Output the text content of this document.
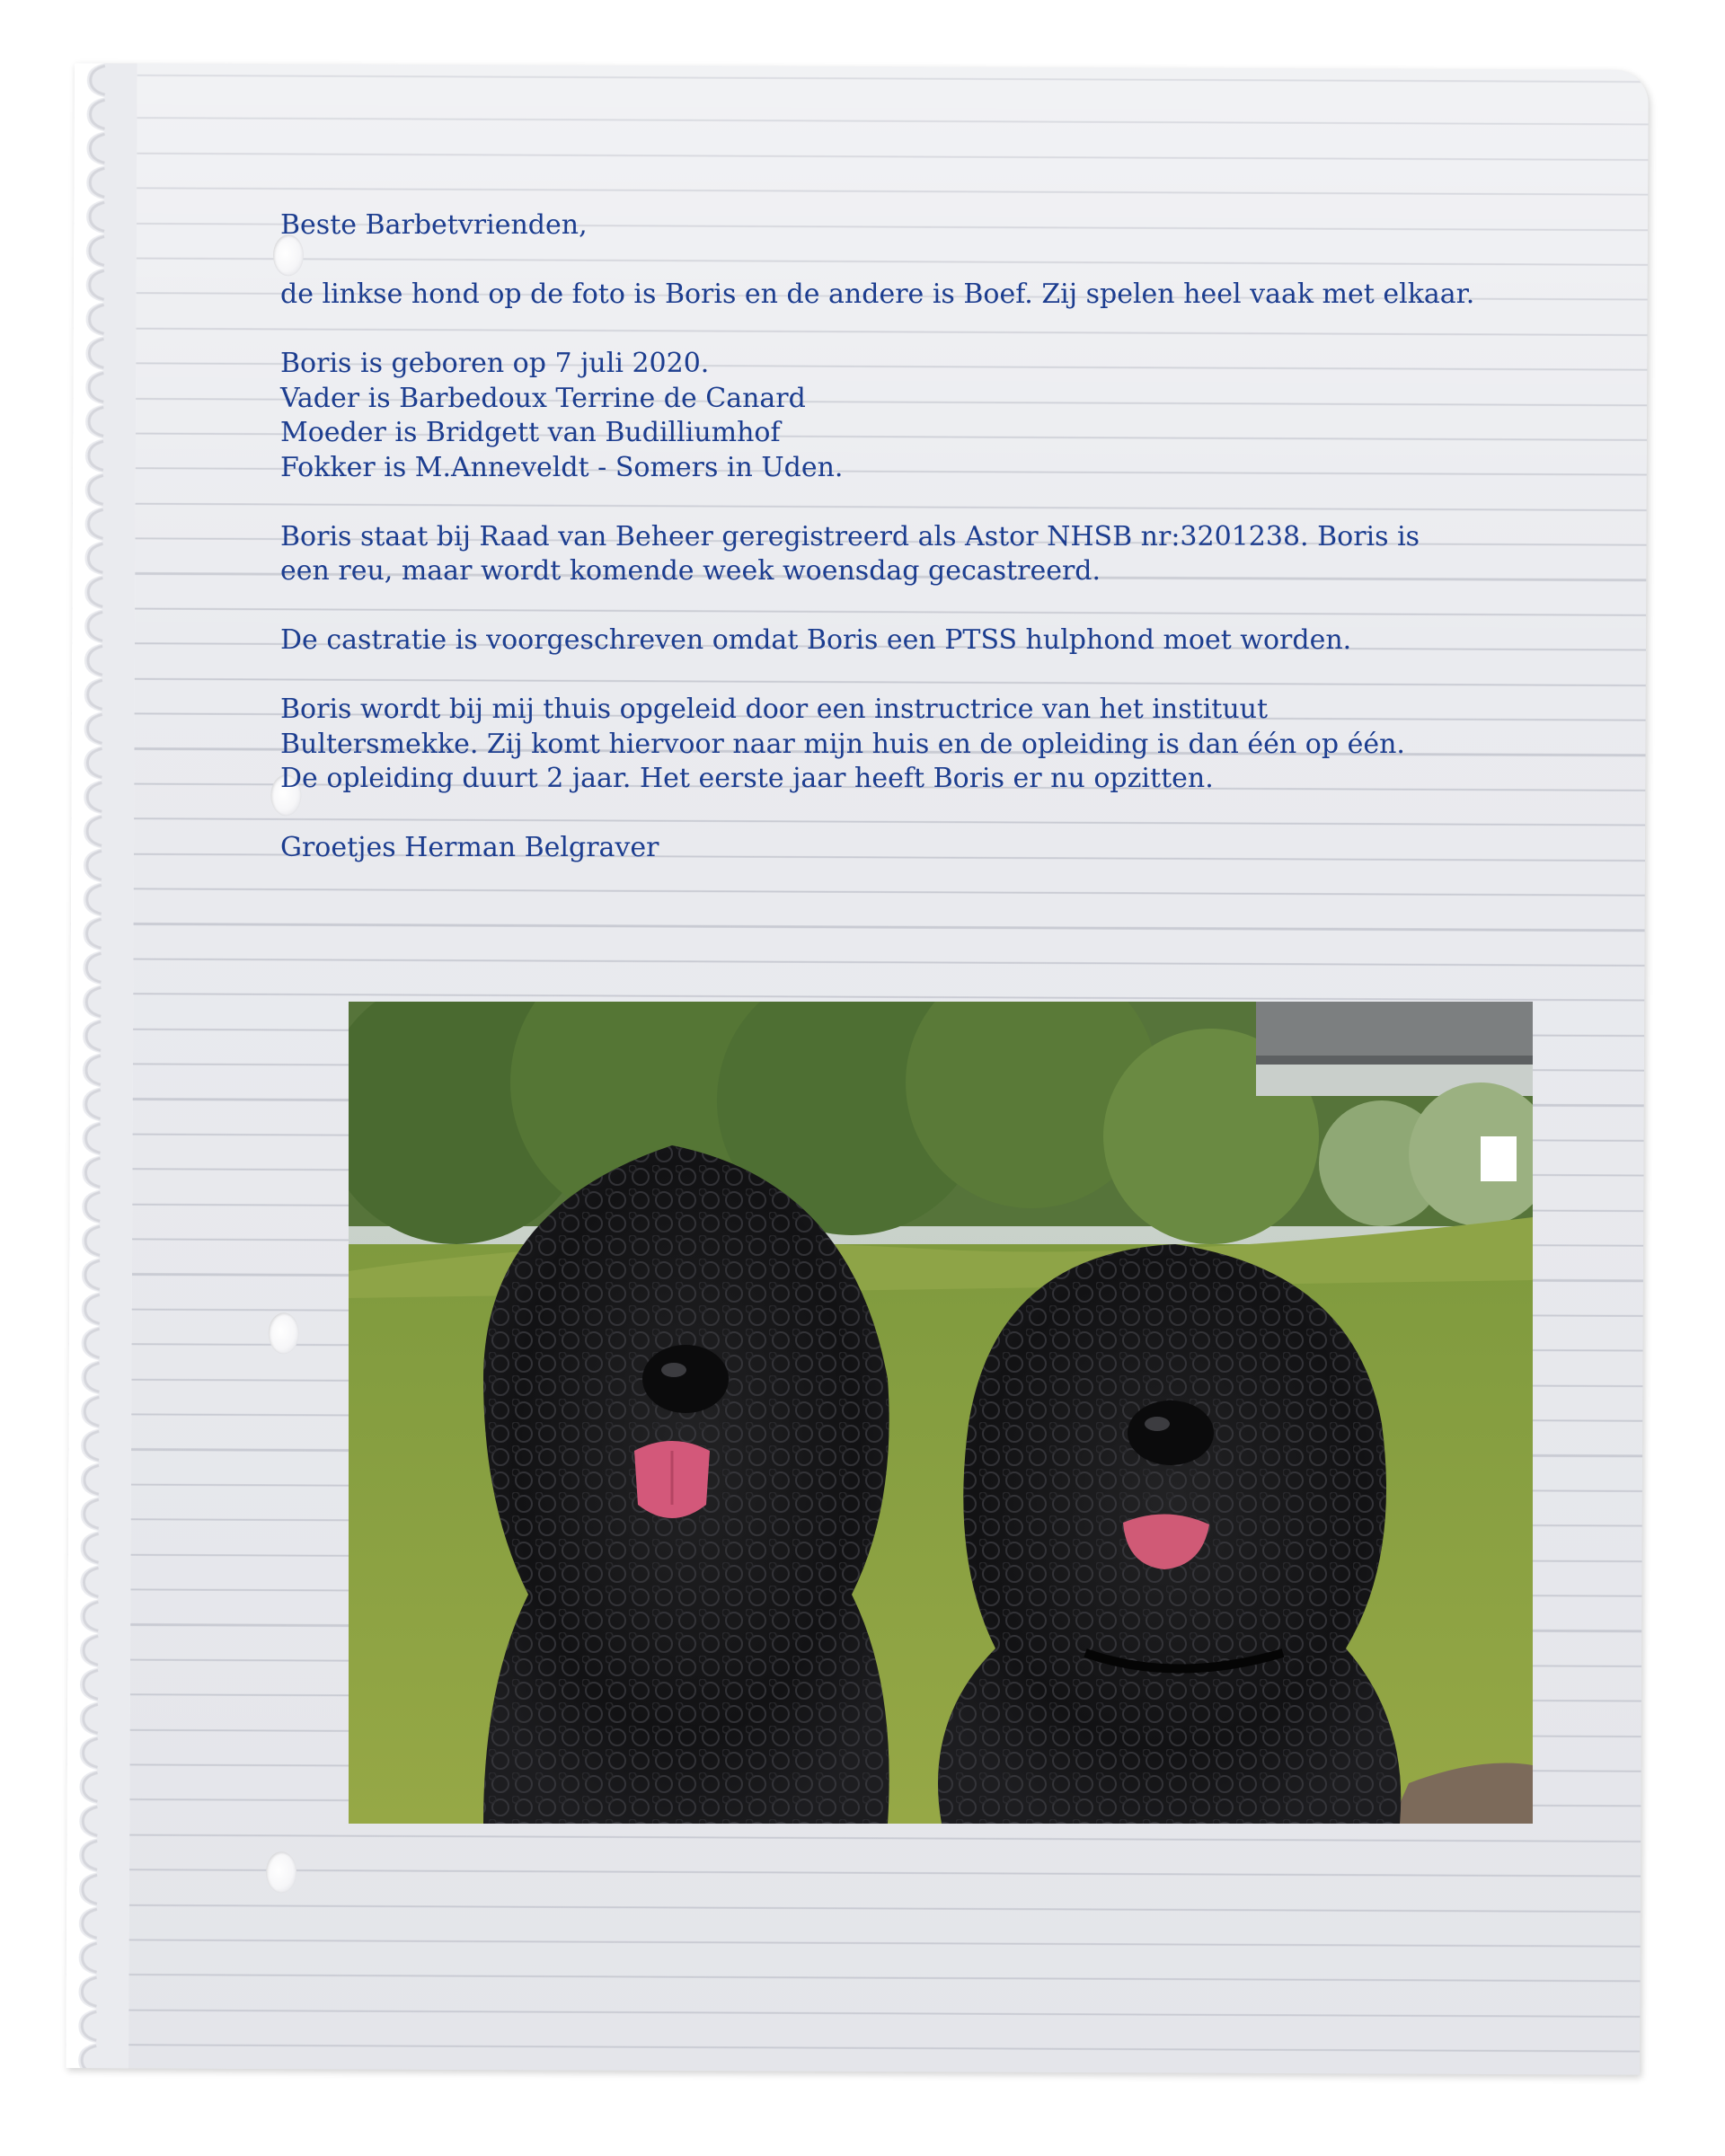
Beste Barbetvrienden,

de linkse hond op de foto is Boris en de andere is Boef. Zij spelen heel vaak met elkaar.

Boris is geboren op 7 juli 2020.
Vader is Barbedoux Terrine de Canard
Moeder is Bridgett van Budilliumhof
Fokker is M.Anneveldt - Somers in Uden.

Boris staat bij Raad van Beheer geregistreerd als Astor NHSB nr:3201238. Boris is een reu, maar wordt komende week woensdag gecastreerd.

De castratie is voorgeschreven omdat Boris een PTSS hulphond moet worden.

Boris wordt bij mij thuis opgeleid door een instructrice van het instituut Bultersmekke. Zij komt hiervoor naar mijn huis en de opleiding is dan één op één.
De opleiding duurt 2 jaar. Het eerste jaar heeft Boris er nu opzitten.

Groetjes Herman Belgraver
